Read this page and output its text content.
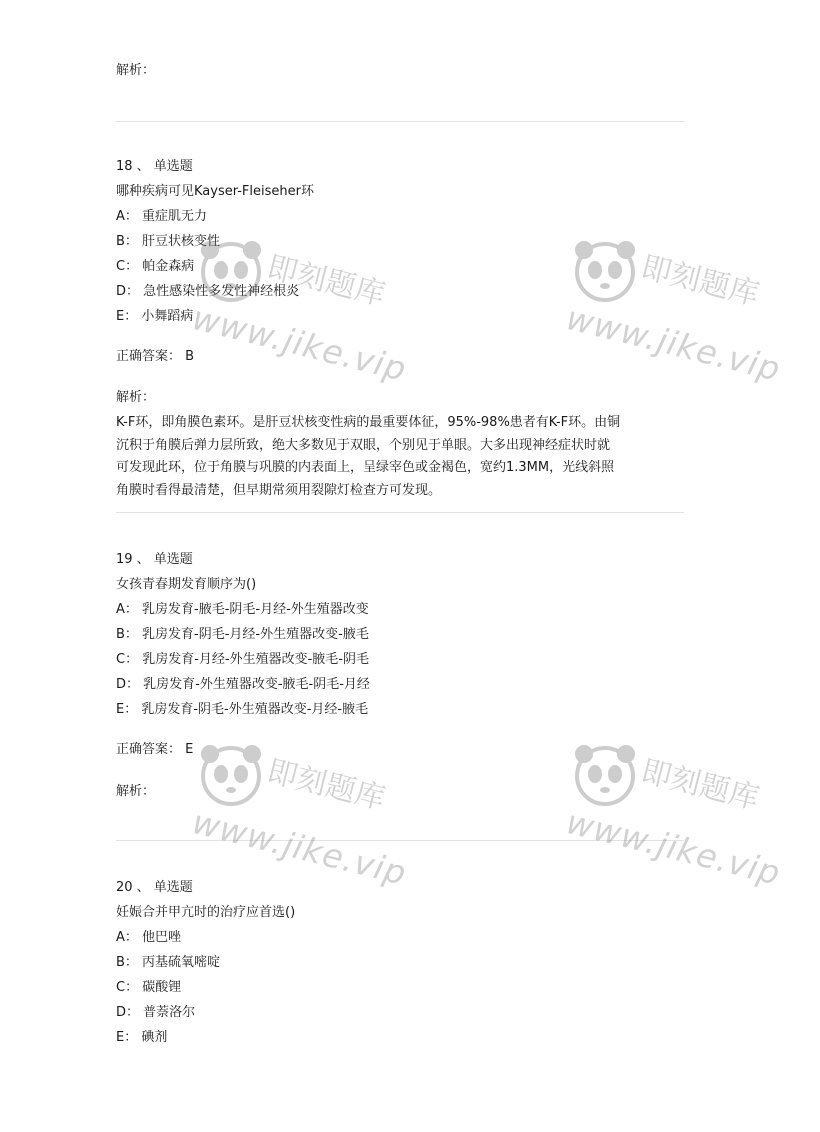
解析：
18 、 单选题
哪种疾病可见Kayser-Fleiseher环
A： 重症肌无力
B： 肝豆状核变性
C： 帕金森病
D： 急性感染性多发性神经根炎
E： 小舞蹈病
正确答案： B
解析：
K-F环，即角膜色素环。是肝豆状核变性病的最重要体征，95%-98%患者有K-F环。由铜
沉积于角膜后弹力层所致，绝大多数见于双眼，个别见于单眼。大多出现神经症状时就
可发现此环，位于角膜与巩膜的内表面上，呈绿宰色或金褐色，宽约1.3MM，光线斜照
角膜时看得最清楚，但早期常须用裂隙灯检查方可发现。
19 、 单选题
女孩青春期发育顺序为()
A： 乳房发育-腋毛-阴毛-月经-外生殖器改变
B： 乳房发育-阴毛-月经-外生殖器改变-腋毛
C： 乳房发育-月经-外生殖器改变-腋毛-阴毛
D： 乳房发育-外生殖器改变-腋毛-阴毛-月经
E： 乳房发育-阴毛-外生殖器改变-月经-腋毛
正确答案： E
解析：
20 、 单选题
妊娠合并甲亢时的治疗应首选()
A： 他巴唑
B： 丙基硫氧嘧啶
C： 碳酸锂
D： 普萘洛尔
E： 碘剂
即刻题库
www.jike.vip
即刻题库
www.jike.vip
即刻题库
www.jike.vip
即刻题库
www.jike.vip
